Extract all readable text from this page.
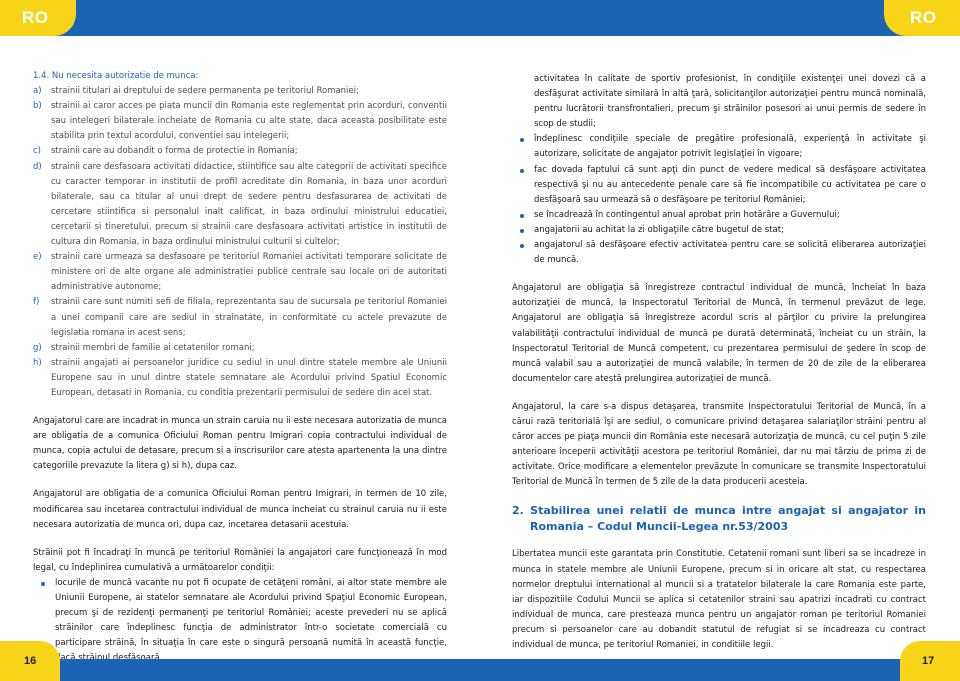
RO	RO

1.4. Nu necesita autorizatie de munca:

a) strainii titulari ai dreptului de sedere permanenta pe teritoriul Romaniei;
b) strainii ai caror acces pe piata muncii din Romania este reglementat prin acorduri, conventii sau intelegeri bilaterale incheiate de Romania cu alte state, daca aceasta posibilitate este stabilita prin textul acordului, conventiei sau intelegerii;
c) strainii care au dobandit o forma de protectie in Romania;
d) strainii care desfasoara activitati didactice, stiintifice sau alte categorii de activitati specifice cu caracter temporar in institutii de profil acreditate din Romania, in baza unor acorduri bilaterale, sau ca titular al unui drept de sedere pentru desfasurarea de activitati de cercetare stiintifica si personalul inalt calificat, in baza ordinului ministrului educatiei, cercetarii si tineretului, precum si strainii care desfasoara activitati artistice in institutii de cultura din Romania, in baza ordinului ministrului culturii si cultelor;
e) strainii care urmeaza sa desfasoare pe teritoriul Romaniei activitati temporare solicitate de ministere ori de alte organe ale administratiei publice centrale sau locale ori de autoritati administrative autonome;
f) strainii care sunt numiti sefi de filiala, reprezentanta sau de sucursala pe teritoriul Romaniei a unei companii care are sediul in strainatate, in conformitate cu actele prevazute de legislatia romana in acest sens;
g) strainii membri de familie ai cetatenilor romani;
h) strainii angajati ai persoanelor juridice cu sediul in unul dintre statele membre ale Uniunii Europene sau in unul dintre statele semnatare ale Acordului privind Spatiul Economic European, detasati in Romania, cu conditia prezentarii permisului de sedere din acel stat.

Angajatorul care are incadrat in munca un strain caruia nu ii este necesara autorizatia de munca are obligatia de a comunica Oficiului Roman pentru Imigrari copia contractului individual de munca, copia actului de detasare, precum si a inscrisurilor care atesta apartenenta la una dintre categoriile prevazute la litera g) si h), dupa caz.

Angajatorul are obligatia de a comunica Oficiului Roman pentru Imigrari, in termen de 10 zile, modificarea sau incetarea contractului individual de munca incheiat cu strainul caruia nu ii este necesara autorizatia de munca ori, dupa caz, incetarea detasarii acestuia.

Străinii pot fi încadraţi în muncă pe teritoriul României la angajatori care funcţionează în mod legal, cu îndeplinirea cumulativă a următoarelor condiţii:

locurile de muncă vacante nu pot fi ocupate de cetăţeni români, ai altor state membre ale Uniunii Europene, ai statelor semnatare ale Acordului privind Spaţiul Economic European, precum şi de rezidenţi permanenţi pe teritoriul României; aceste prevederi nu se aplică străinilor care îndeplinesc funcţia de administrator într-o societate comercială cu participare străină, în situaţia în care este o singură persoană numită în această funcţie,

activitatea în calitate de sportiv profesionist, în condiţiile existenţei unei dovezi că a desfăşurat activitate similară în altă ţară, solicitanţilor autorizaţiei pentru muncă nominală, pentru lucrătorii transfrontalieri, precum şi străinilor posesori ai unui permis de sedere în scop de studii;

îndeplinesc condiţiile speciale de pregătire profesională, experienţă în activitate şi autorizare, solicitate de angajator potrivit legislaţiei în vigoare;
fac dovada faptului că sunt apţi din punct de vedere medical să desfăşoare activitatea respectivă şi nu au antecedente penale care să fie incompatibile cu activitatea pe care o desfăşoară sau urmează să o desfăşoare pe teritoriul României;
se încadrează în contingentul anual aprobat prin hotărâre a Guvernului;
angajatorii au achitat la zi obligaţiile către bugetul de stat;
angajatorul să desfăşoare efectiv activitatea pentru care se solicită eliberarea autorizaţiei de muncă.

Angajatorul are obligaţia să înregistreze contractul individual de muncă, încheiat în baza autorizaţiei de muncă, la Inspectoratul Teritorial de Muncă, în termenul prevăzut de lege. Angajatorul are obligaţia să înregistreze acordul scris al părţilor cu privire la prelungirea valabilităţii contractului individual de muncă pe durată determinată, încheiat cu un străin, la Inspectoratul Teritorial de Muncă competent, cu prezentarea permisului de şedere în scop de muncă valabil sau a autorizaţiei de muncă valabile, în termen de 20 de zile de la eliberarea documentelor care atestă prelungirea autorizaţiei de muncă.

Angajatorul, la care s-a dispus detaşarea, transmite Inspectoratului Teritorial de Muncă, în a cărui rază teritorială îşi are sediul, o comunicare privind detaşarea salariaţilor străini pentru al căror acces pe piaţa muncii din România este necesară autorizaţia de muncă, cu cel puţin 5 zile anterioare începerii activităţii acestora pe teritoriul României, dar nu mai târziu de prima zi de activitate. Orice modificare a elementelor prevăzute în comunicare se transmite Inspectoratului Teritorial de Muncă în termen de 5 zile de la data producerii acesteia.

2. Stabilirea unei relatii de munca intre angajat si angajator in Romania – Codul Muncii-Legea nr.53/2003

Libertatea muncii este garantata prin Constitutie. Cetatenii romani sunt liberi sa se incadreze in munca in statele membre ale Uniunii Europene, precum si in oricare alt stat, cu respectarea normelor dreptului international al muncii si a tratatelor bilaterale la care Romania este parte, iar dispozitiile Codului Muncii se aplica si cetatenilor straini sau apatrizi incadrati cu contract individual de munca, care presteaza munca pentru un angajator roman pe teritoriul Romaniei precum si persoanelor care au dobandit statutul de refugiat si se incadreaza cu contract individual de munca, pe teritoriul Romaniei, in conditiile legii.

16	17
